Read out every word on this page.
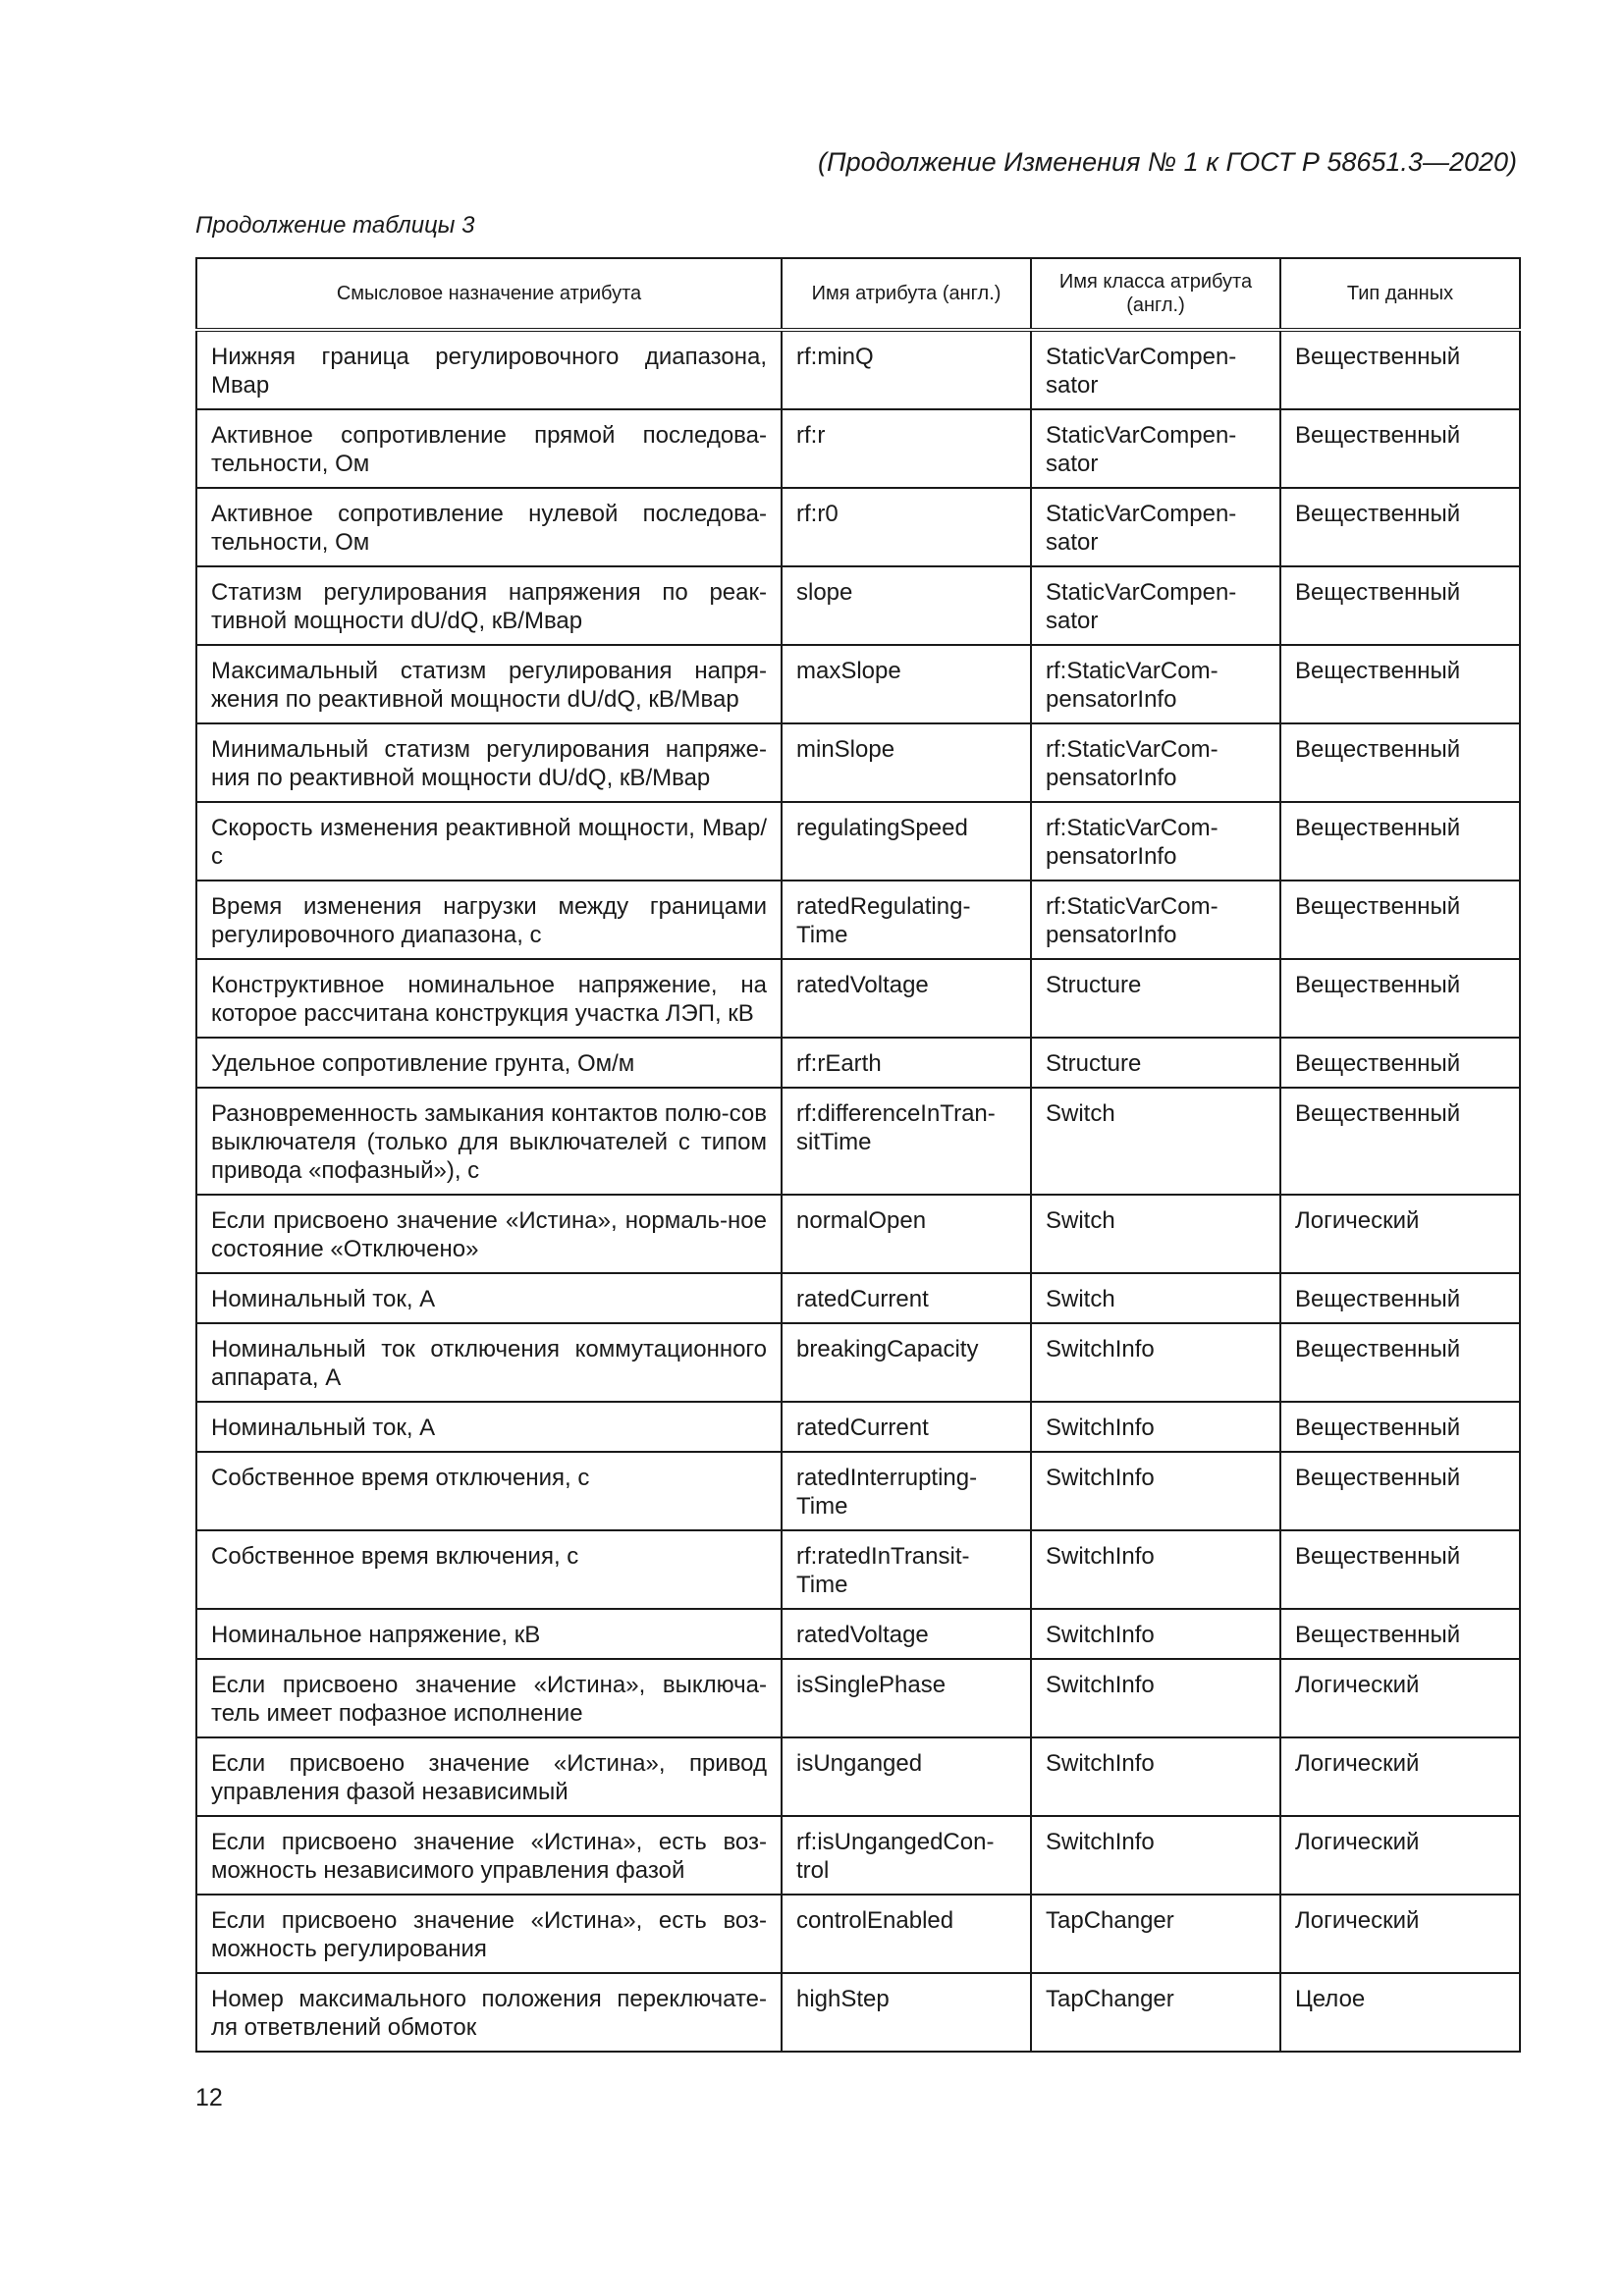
(Продолжение Изменения № 1 к ГОСТ Р 58651.3—2020)
Продолжение таблицы 3
Смысловое назначение атрибута	Имя атрибута (англ.)	Имя класса атрибута (англ.)	Тип данных
Нижняя граница регулировочного диапазона, Мвар	rf:minQ	StaticVarCompen-sator	Вещественный
Активное сопротивление прямой последова-тельности, Ом	rf:r	StaticVarCompen-sator	Вещественный
Активное сопротивление нулевой последова-тельности, Ом	rf:r0	StaticVarCompen-sator	Вещественный
Статизм регулирования напряжения по реак-тивной мощности dU/dQ, кВ/Мвар	slope	StaticVarCompen-sator	Вещественный
Максимальный статизм регулирования напря-жения по реактивной мощности dU/dQ, кВ/Мвар	maxSlope	rf:StaticVarCom-pensatorInfo	Вещественный
Минимальный статизм регулирования напряже-ния по реактивной мощности dU/dQ, кВ/Мвар	minSlope	rf:StaticVarCom-pensatorInfo	Вещественный
Скорость изменения реактивной мощности, Мвар/с	regulatingSpeed	rf:StaticVarCom-pensatorInfo	Вещественный
Время изменения нагрузки между границами регулировочного диапазона, с	ratedRegulating-Time	rf:StaticVarCom-pensatorInfo	Вещественный
Конструктивное номинальное напряжение, на которое рассчитана конструкция участка ЛЭП, кВ	ratedVoltage	Structure	Вещественный
Удельное сопротивление грунта, Ом/м	rf:rEarth	Structure	Вещественный
Разновременность замыкания контактов полю-сов выключателя (только для выключателей с типом привода «пофазный»), с	rf:differenceInTran-sitTime	Switch	Вещественный
Если присвоено значение «Истина», нормаль-ное состояние «Отключено»	normalOpen	Switch	Логический
Номинальный ток, А	ratedCurrent	Switch	Вещественный
Номинальный ток отключения коммутационного аппарата, А	breakingCapacity	SwitchInfo	Вещественный
Номинальный ток, А	ratedCurrent	SwitchInfo	Вещественный
Собственное время отключения, с	ratedInterrupting-Time	SwitchInfo	Вещественный
Собственное время включения, с	rf:ratedInTransit-Time	SwitchInfo	Вещественный
Номинальное напряжение, кВ	ratedVoltage	SwitchInfo	Вещественный
Если присвоено значение «Истина», выключа-тель имеет пофазное исполнение	isSinglePhase	SwitchInfo	Логический
Если присвоено значение «Истина», привод управления фазой независимый	isUnganged	SwitchInfo	Логический
Если присвоено значение «Истина», есть воз-можность независимого управления фазой	rf:isUngangedCon-trol	SwitchInfo	Логический
Если присвоено значение «Истина», есть воз-можность регулирования	controlEnabled	TapChanger	Логический
Номер максимального положения переключате-ля ответвлений обмоток	highStep	TapChanger	Целое
12
